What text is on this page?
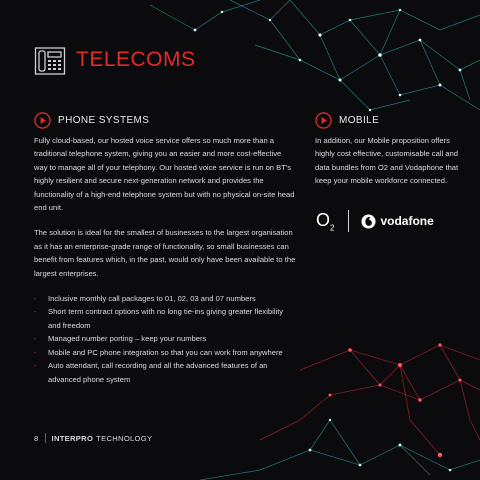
TELECOMS
PHONE SYSTEMS	MOBILE

Fully cloud-based, our hosted voice service offers so much more than a traditional telephone system, giving you an easier and more cost-effective way to manage all of your telephony. Our hosted voice service is run on BT's highly resilient and secure next-generation network and provides the functionality of a high-end telephone system but with no physical on-site head end unit.

The solution is ideal for the smallest of businesses to the largest organisation as it has an enterprise-grade range of functionality, so small businesses can benefit from features which, in the past, would only have been available to the largest enterprises.

- Inclusive monthly call packages to 01, 02, 03 and 07 numbers
- Short term contract options with no long tie-ins giving greater flexibility and freedom
- Managed number porting – keep your numbers
- Mobile and PC phone integration so that you can work from anywhere
- Auto attendant, call recording and all the advanced features of an advanced phone system

In addition, our Mobile proposition offers highly cost effective, customisable call and data bundles from O2 and Vodaphone that keep your mobile workforce connected.

$O_2$	vodafone
8 INTERPRO TECHNOLOGY
